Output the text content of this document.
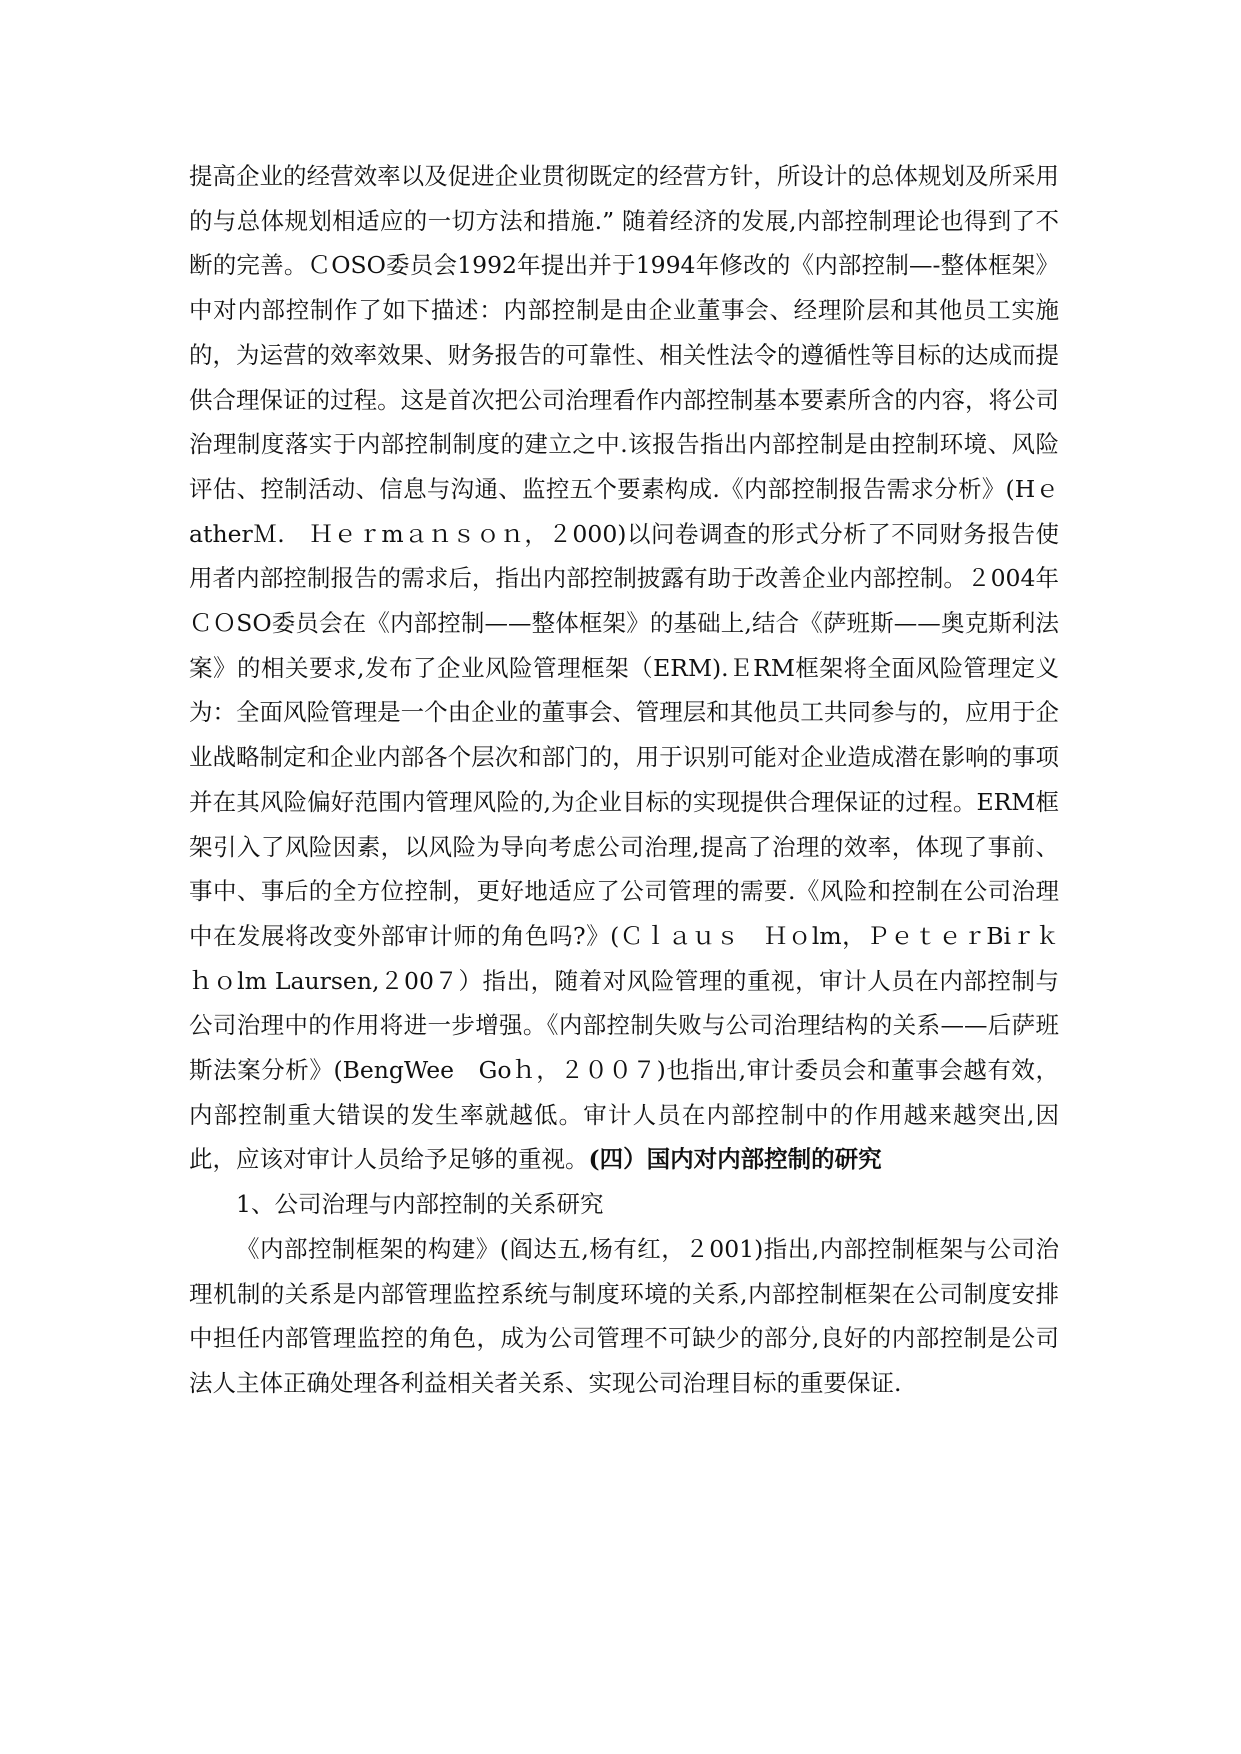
提高企业的经营效率以及促进企业贯彻既定的经营方针，所设计的总体规划及所采用的与总体规划相适应的一切方法和措施.” 随着经济的发展,内部控制理论也得到了不断的完善。ＣOSO委员会1992年提出并于1994年修改的《内部控制—-整体框架》中对内部控制作了如下描述：内部控制是由企业董事会、经理阶层和其他员工实施的，为运营的效率效果、财务报告的可靠性、相关性法令的遵循性等目标的达成而提供合理保证的过程。这是首次把公司治理看作内部控制基本要素所含的内容，将公司治理制度落实于内部控制制度的建立之中.该报告指出内部控制是由控制环境、风险评估、控制活动、信息与沟通、监控五个要素构成.《内部控制报告需求分析》(HｅatherＭ.　Ｈｅｒmａｎｓｏｎ，２000)以问卷调查的形式分析了不同财务报告使用者内部控制报告的需求后，指出内部控制披露有助于改善企业内部控制。２004年ＣＯSO委员会在《内部控制——整体框架》的基础上,结合《萨班斯——奥克斯利法案》的相关要求,发布了企业风险管理框架（ERM).ＥRM框架将全面风险管理定义为：全面风险管理是一个由企业的董事会、管理层和其他员工共同参与的，应用于企业战略制定和企业内部各个层次和部门的，用于识别可能对企业造成潜在影响的事项并在其风险偏好范围内管理风险的,为企业目标的实现提供合理保证的过程。ERM框架引入了风险因素，以风险为导向考虑公司治理,提高了治理的效率，体现了事前、事中、事后的全方位控制，更好地适应了公司管理的需要.《风险和控制在公司治理中在发展将改变外部审计师的角色吗?》(Ｃｌａｕｓ　Ｈｏlm，ＰｅｔｅｒBiｒｋｈｏlm Laursen,２00７）指出，随着对风险管理的重视，审计人员在内部控制与公司治理中的作用将进一步增强。《内部控制失败与公司治理结构的关系——后萨班斯法案分析》(BengWee　Goｈ，２００７)也指出,审计委员会和董事会越有效，内部控制重大错误的发生率就越低。审计人员在内部控制中的作用越来越突出,因此，应该对审计人员给予足够的重视。(四）国内对内部控制的研究

1、公司治理与内部控制的关系研究

《内部控制框架的构建》(阎达五,杨有红，２001)指出,内部控制框架与公司治理机制的关系是内部管理监控系统与制度环境的关系,内部控制框架在公司制度安排中担任内部管理监控的角色，成为公司管理不可缺少的部分,良好的内部控制是公司法人主体正确处理各利益相关者关系、实现公司治理目标的重要保证.
